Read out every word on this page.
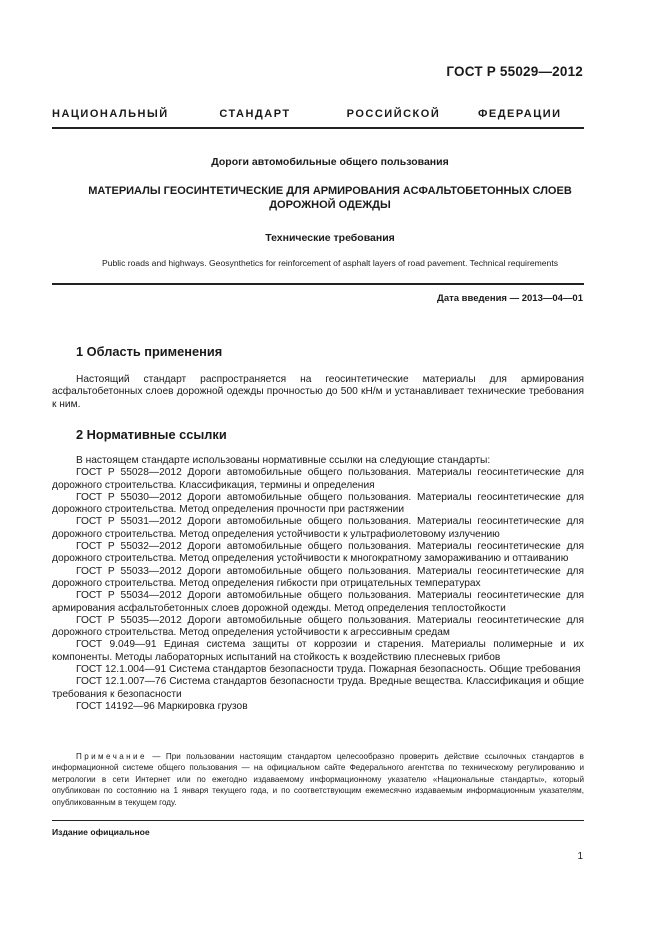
ГОСТ Р 55029—2012
НАЦИОНАЛЬНЫЙ	СТАНДАРТ	РОССИЙСКОЙ	ФЕДЕРАЦИИ
Дороги автомобильные общего пользования
МАТЕРИАЛЫ ГЕОСИНТЕТИЧЕСКИЕ ДЛЯ АРМИРОВАНИЯ АСФАЛЬТОБЕТОННЫХ СЛОЕВ
ДОРОЖНОЙ ОДЕЖДЫ
Технические требования
Public roads and highways. Geosynthetics for reinforcement of asphalt layers of road pavement. Technical requirements
Дата введения — 2013—04—01
1 Область применения

Настоящий стандарт распространяется на геосинтетические материалы для армирования асфальтобетонных слоев дорожной одежды прочностью до 500 кН/м и устанавливает технические требования к ним.

2 Нормативные ссылки

В настоящем стандарте использованы нормативные ссылки на следующие стандарты:

ГОСТ Р 55028—2012 Дороги автомобильные общего пользования. Материалы геосинтетические для дорожного строительства. Классификация, термины и определения

ГОСТ Р 55030—2012 Дороги автомобильные общего пользования. Материалы геосинтетические для дорожного строительства. Метод определения прочности при растяжении

ГОСТ Р 55031—2012 Дороги автомобильные общего пользования. Материалы геосинтетические для дорожного строительства. Метод определения устойчивости к ультрафиолетовому излучению

ГОСТ Р 55032—2012 Дороги автомобильные общего пользования. Материалы геосинтетические для дорожного строительства. Метод определения устойчивости к многократному замораживанию и оттаиванию

ГОСТ Р 55033—2012 Дороги автомобильные общего пользования. Материалы геосинтетические для дорожного строительства. Метод определения гибкости при отрицательных температурах

ГОСТ Р 55034—2012 Дороги автомобильные общего пользования. Материалы геосинтетические для армирования асфальтобетонных слоев дорожной одежды. Метод определения теплостойкости

ГОСТ Р 55035—2012 Дороги автомобильные общего пользования. Материалы геосинтетические для дорожного строительства. Метод определения устойчивости к агрессивным средам

ГОСТ 9.049—91 Единая система защиты от коррозии и старения. Материалы полимерные и их компоненты. Методы лабораторных испытаний на стойкость к воздействию плесневых грибов

ГОСТ 12.1.004—91 Система стандартов безопасности труда. Пожарная безопасность. Общие требования

ГОСТ 12.1.007—76 Система стандартов безопасности труда. Вредные вещества. Классификация и общие требования к безопасности

ГОСТ 14192—96 Маркировка грузов

Примечание — При пользовании настоящим стандартом целесообразно проверить действие ссылочных стандартов в информационной системе общего пользования — на официальном сайте Федерального агентства по техническому регулированию и метрологии в сети Интернет или по ежегодно издаваемому информационному указателю «Национальные стандарты», который опубликован по состоянию на 1 января текущего года, и по соответствующим ежемесячно издаваемым информационным указателям, опубликованным в текущем году.

Издание официальное
1
